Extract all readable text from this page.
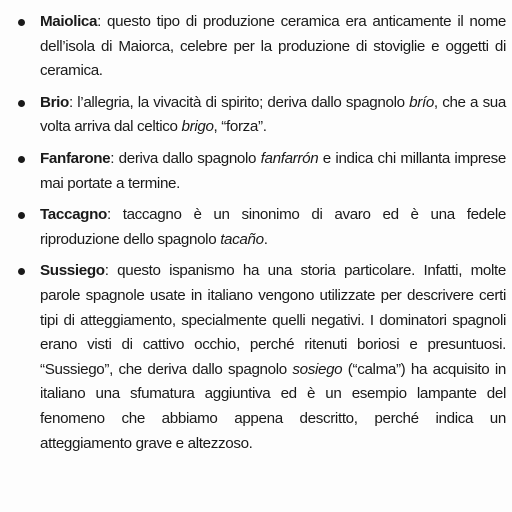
Maiolica: questo tipo di produzione ceramica era anticamente il nome dell’isola di Maiorca, celebre per la produzione di stoviglie e oggetti di ceramica.
Brio: l’allegria, la vivacità di spirito; deriva dallo spagnolo brío, che a sua volta arriva dal celtico brigo, “forza”.
Fanfarone: deriva dallo spagnolo fanfarrón e indica chi millanta imprese mai portate a termine.
Taccagno: taccagno è un sinonimo di avaro ed è una fedele riproduzione dello spagnolo tacaño.
Sussiego: questo ispanismo ha una storia particolare. Infatti, molte parole spagnole usate in italiano vengono utilizzate per descrivere certi tipi di atteggiamento, specialmente quelli negativi. I dominatori spagnoli erano visti di cattivo occhio, perché ritenuti boriosi e presuntuosi. “Sussiego”, che deriva dallo spagnolo sosiego (“calma”) ha acquisito in italiano una sfumatura aggiuntiva ed è un esempio lampante del fenomeno che abbiamo appena descritto, perché indica un atteggiamento grave e altezzoso.
